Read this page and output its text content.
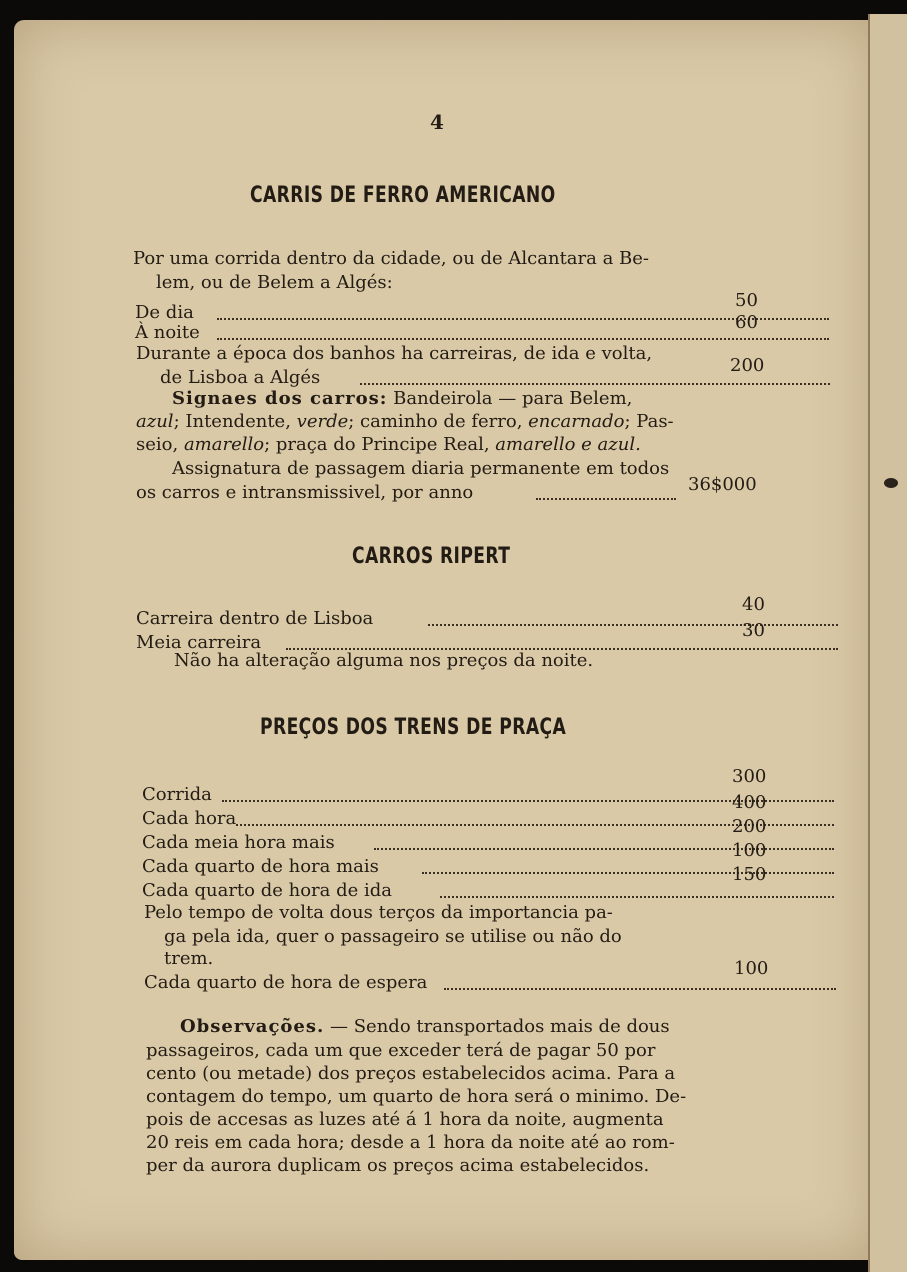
4
CARRIS DE FERRO AMERICANO
Por uma corrida dentro da cidade, ou de Alcantara a Be-
lem, ou de Belem a Algés:
De dia
50
À noite	60
Durante a época dos banhos ha carreiras, de ida e volta,
de Lisboa a Algés
200
Signaes dos carros: Bandeirola — para Belem,
azul; Intendente, verde; caminho de ferro, encarnado; Pas-
seio, amarello; praça do Principe Real, amarello e azul.
Assignatura de passagem diaria permanente em todos
os carros e intransmissivel, por anno	36$000
CARROS RIPERT
Carreira dentro de Lisboa
40
Meia carreira
30
Não ha alteração alguma nos preços da noite.
PREÇOS DOS TRENS DE PRAÇA
Corrida
300
Cada hora
400
Cada meia hora mais
200
Cada quarto de hora mais
100
Cada quarto de hora de ida
150
Pelo tempo de volta dous terços da importancia pa-
ga pela ida, quer o passageiro se utilise ou não do
trem.
Cada quarto de hora de espera
100
Observações. — Sendo transportados mais de dous
passageiros, cada um que exceder terá de pagar 50 por
cento (ou metade) dos preços estabelecidos acima. Para a
contagem do tempo, um quarto de hora será o minimo. De-
pois de accesas as luzes até á 1 hora da noite, augmenta
20 reis em cada hora; desde a 1 hora da noite até ao rom-
per da aurora duplicam os preços acima estabelecidos.
